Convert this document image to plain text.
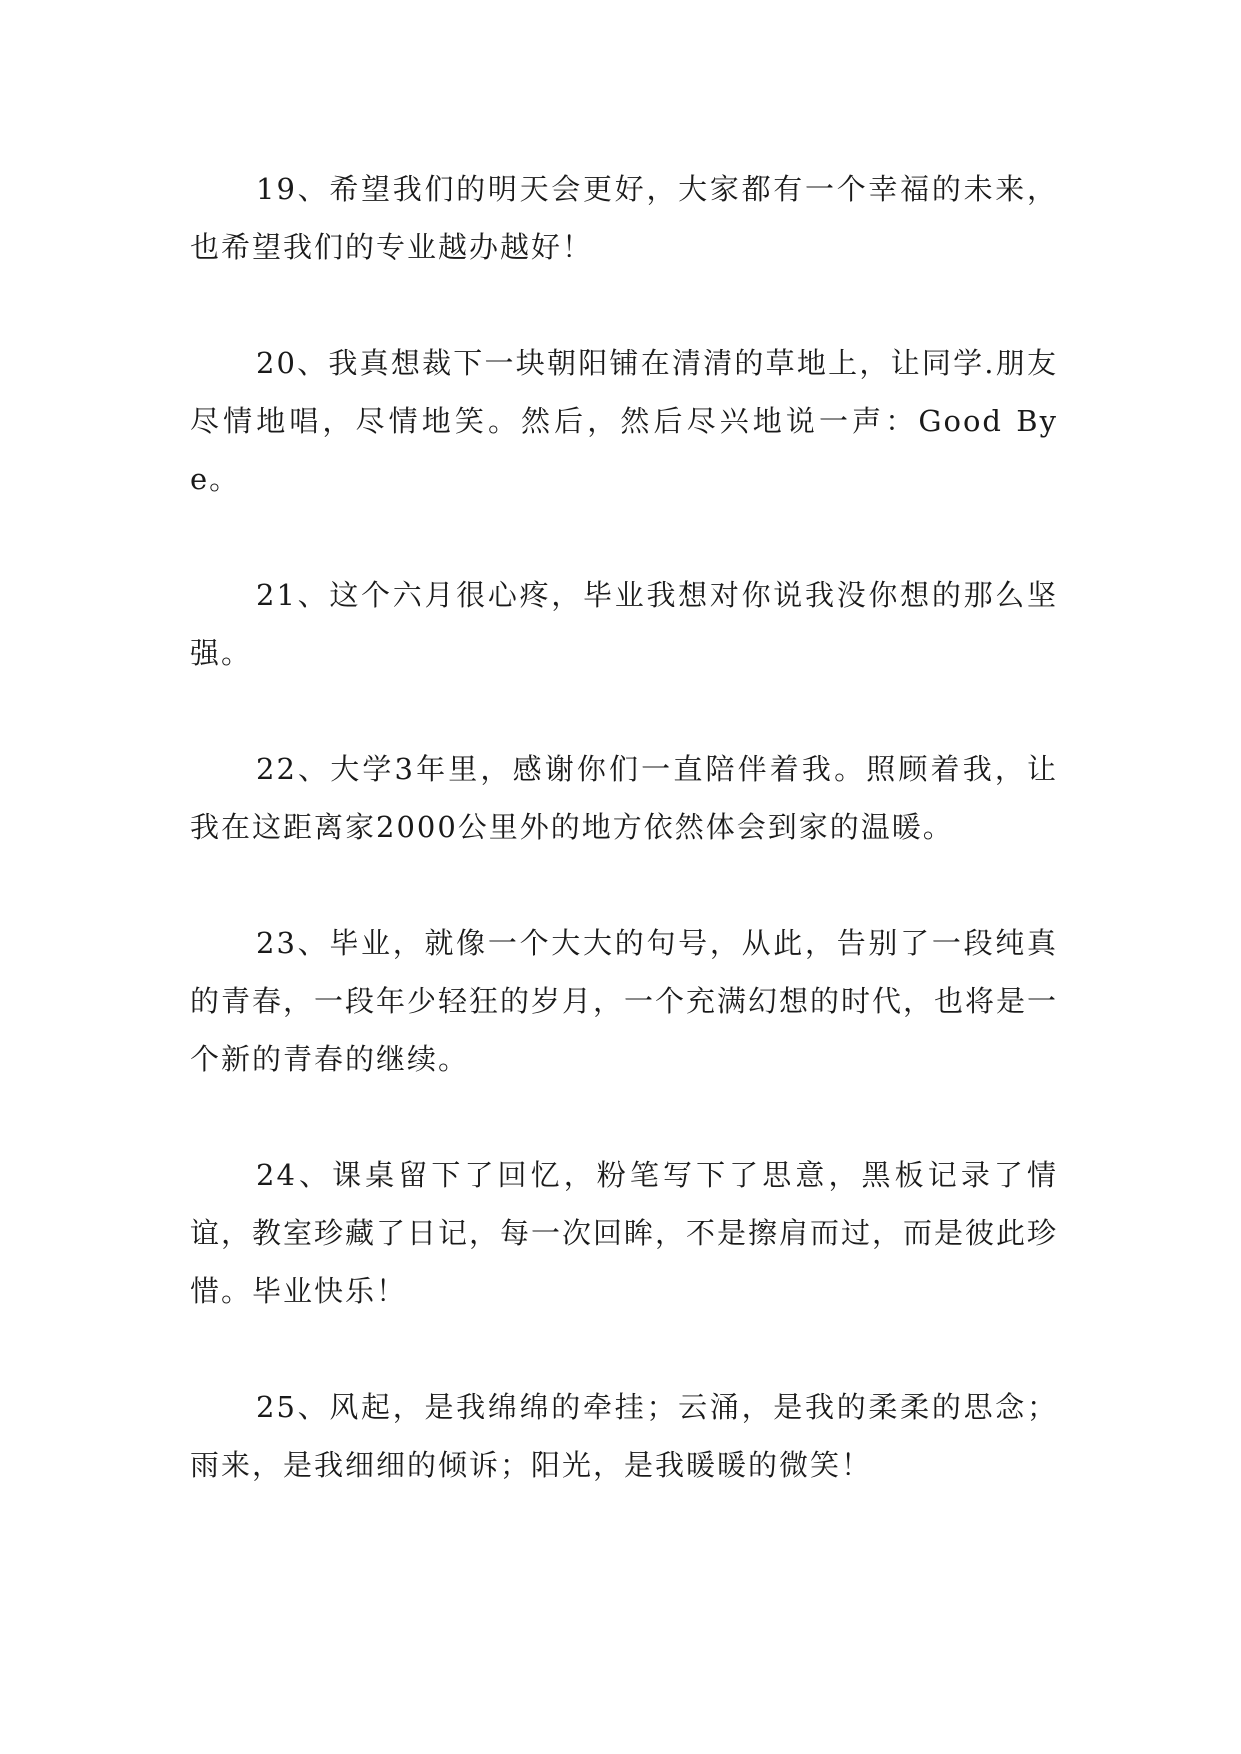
19、希望我们的明天会更好，大家都有一个幸福的未来，也希望我们的专业越办越好！

20、我真想裁下一块朝阳铺在清清的草地上，让同学.朋友尽情地唱，尽情地笑。然后，然后尽兴地说一声：Good Bye。

21、这个六月很心疼，毕业我想对你说我没你想的那么坚强。

22、大学3年里，感谢你们一直陪伴着我。照顾着我，让我在这距离家2000公里外的地方依然体会到家的温暖。

23、毕业，就像一个大大的句号，从此，告别了一段纯真的青春，一段年少轻狂的岁月，一个充满幻想的时代，也将是一个新的青春的继续。

24、课桌留下了回忆，粉笔写下了思意，黑板记录了情谊，教室珍藏了日记，每一次回眸，不是擦肩而过，而是彼此珍惜。毕业快乐！

25、风起，是我绵绵的牵挂；云涌，是我的柔柔的思念；雨来，是我细细的倾诉；阳光，是我暖暖的微笑！
